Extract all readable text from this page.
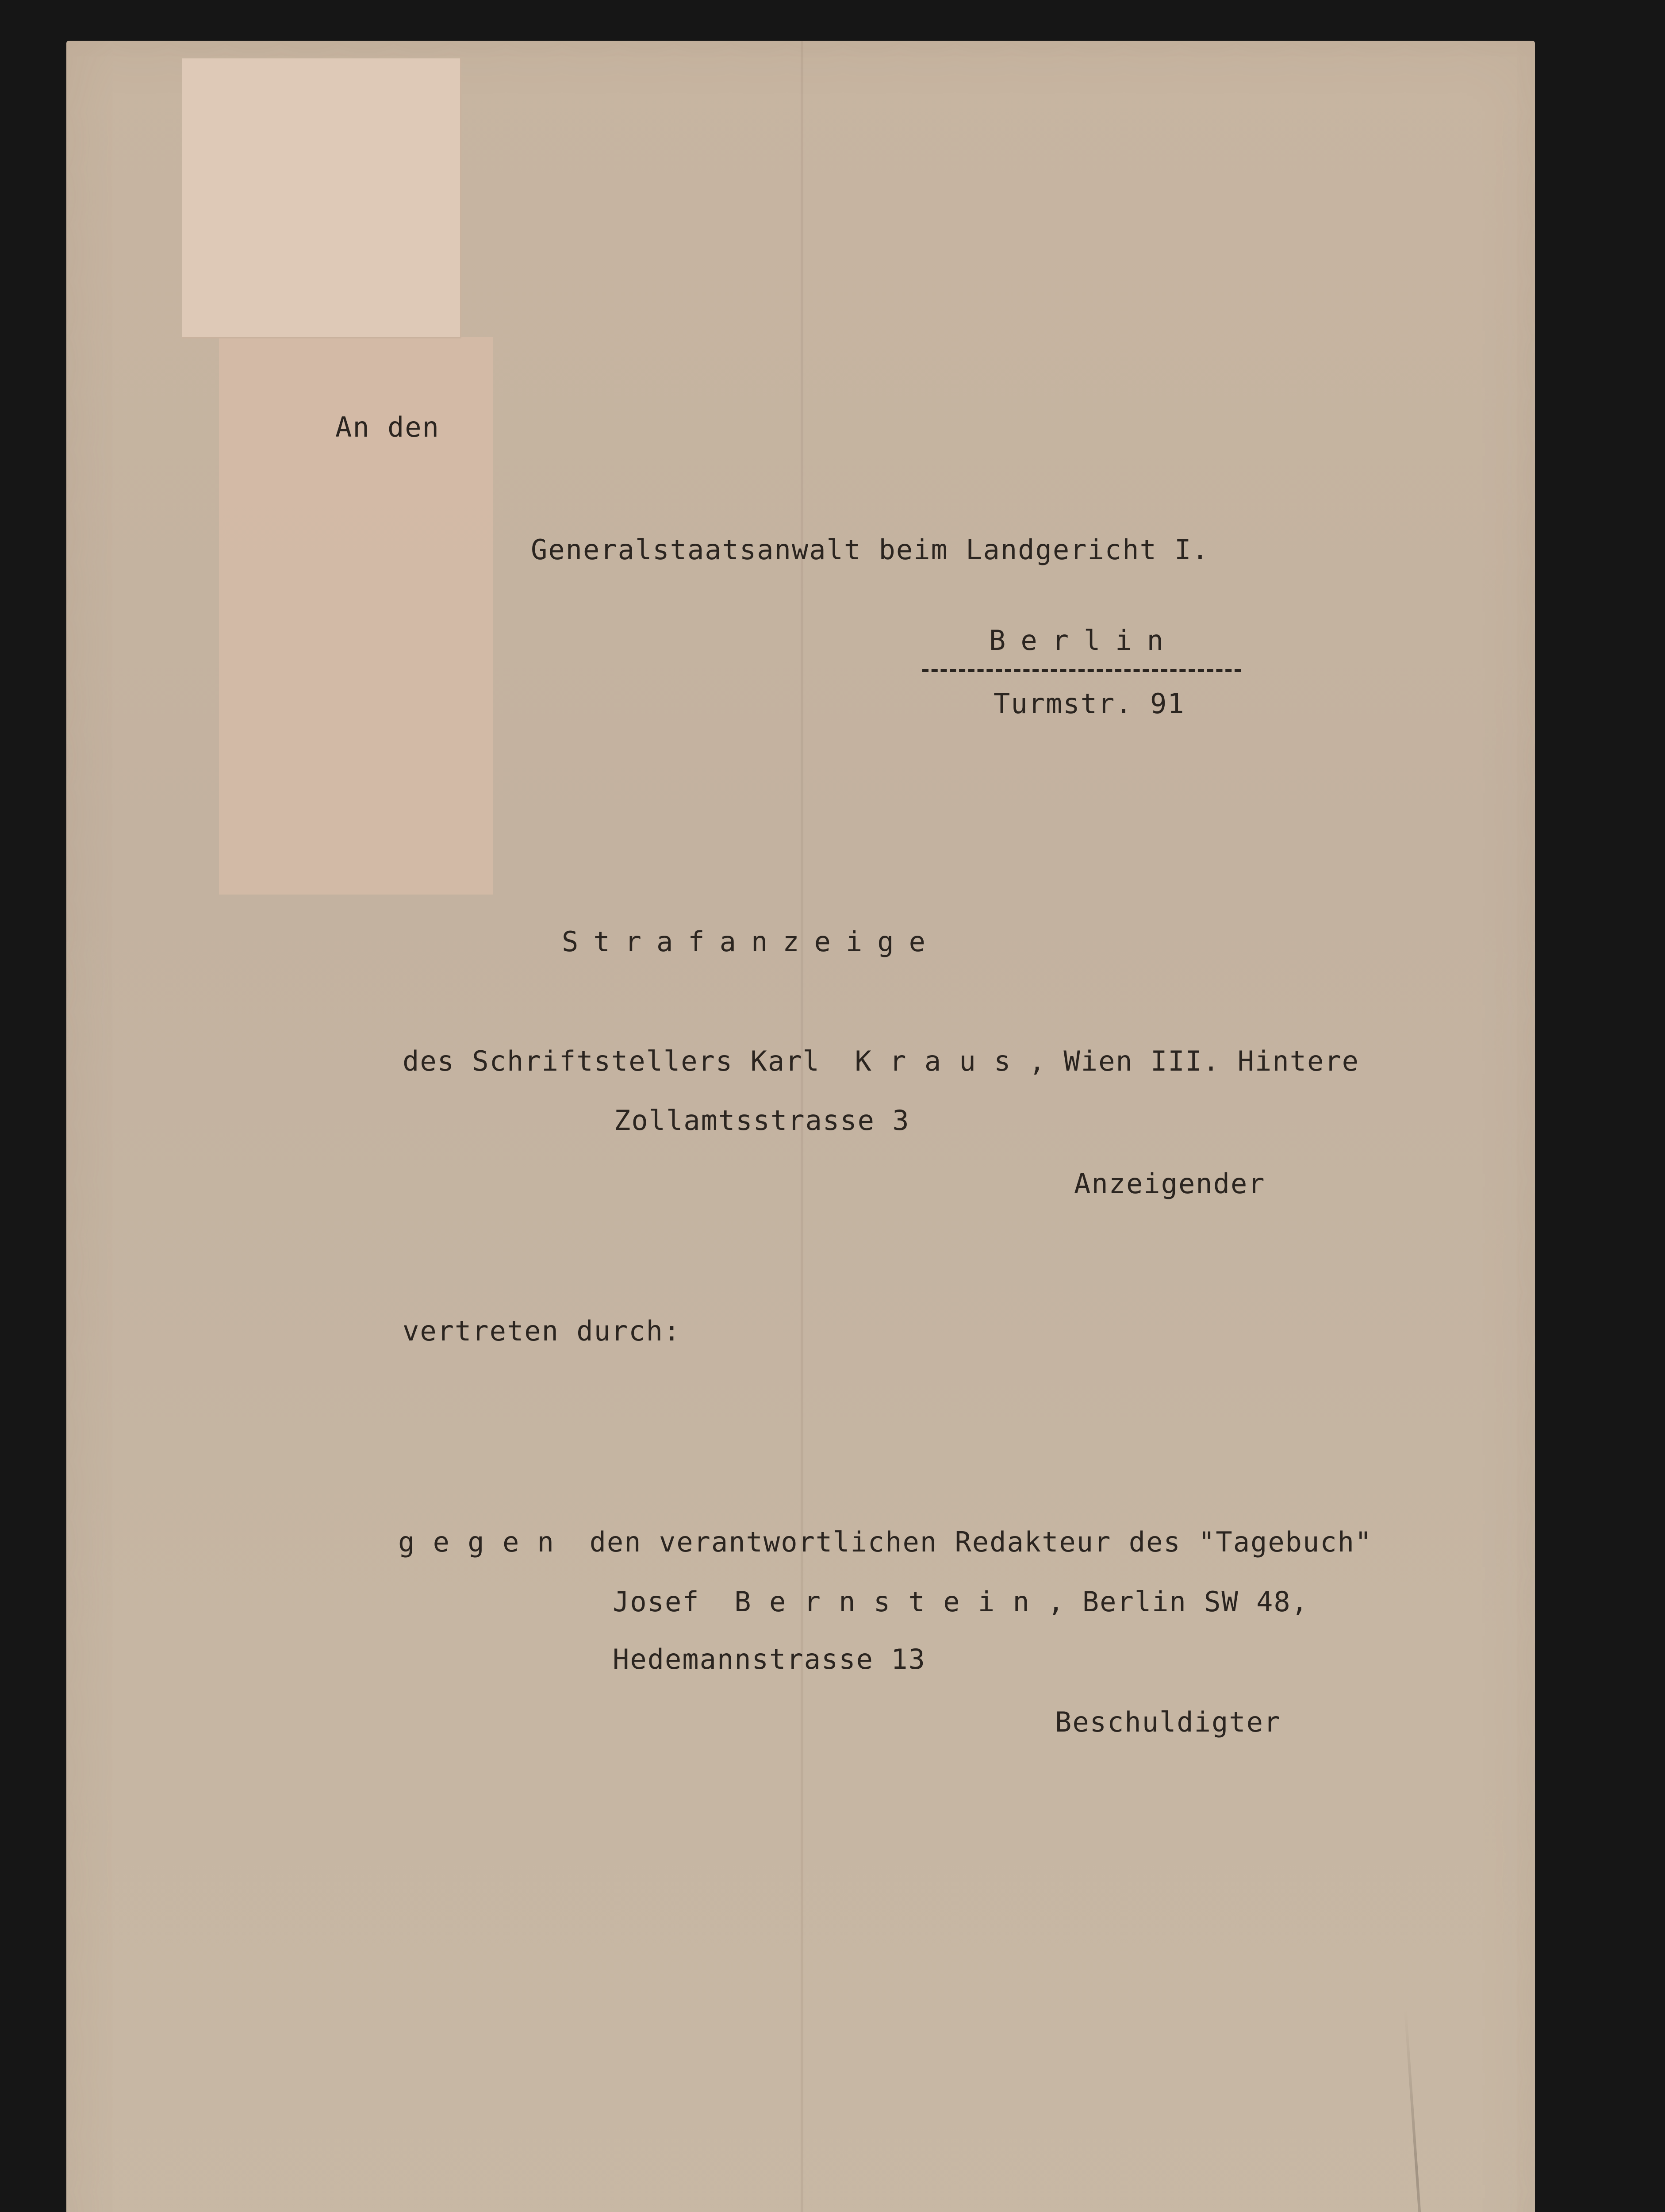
An den

Generalstaatsanwalt beim Landgericht I.

Berlin

Turmstr. 91

Strafanzeige

des Schriftstellers Karl  K r a u s , Wien III. Hintere

Zollamtsstrasse 3

Anzeigender

vertreten durch:

g e g e n  den verantwortlichen Redakteur des "Tagebuch"

Josef  B e r n s t e i n , Berlin SW 48,

Hedemannstrasse 13

Beschuldigter
